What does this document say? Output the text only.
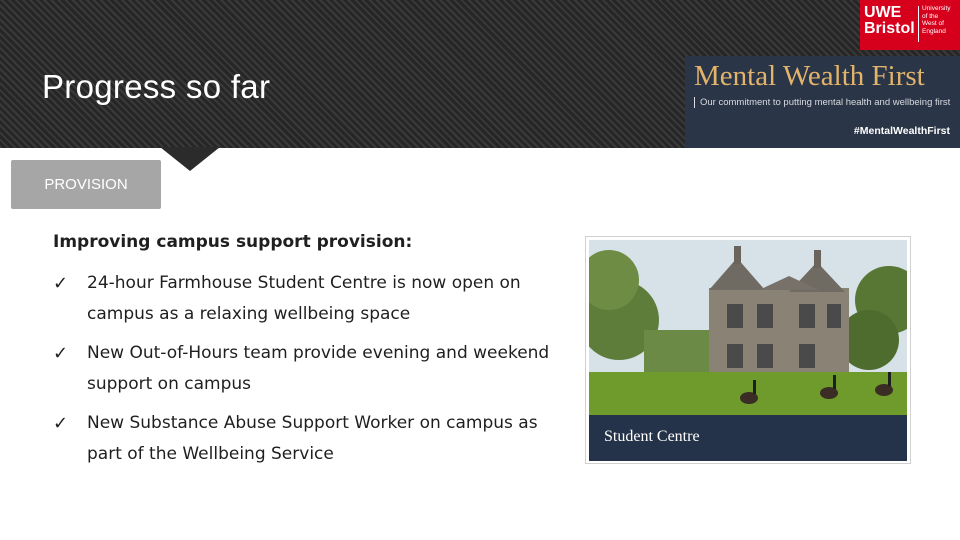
Progress so far
UWE
Bristol
University
of the
West of
England
Mental Wealth First
Our commitment to putting mental health and wellbeing first
#MentalWealthFirst
PROVISION
Improving campus support provision:
✓ 24-hour Farmhouse Student Centre is now open on campus as a relaxing wellbeing space
✓ New Out-of-Hours team provide evening and weekend support on campus
✓ New Substance Abuse Support Worker on campus as part of the Wellbeing Service
Student Centre
